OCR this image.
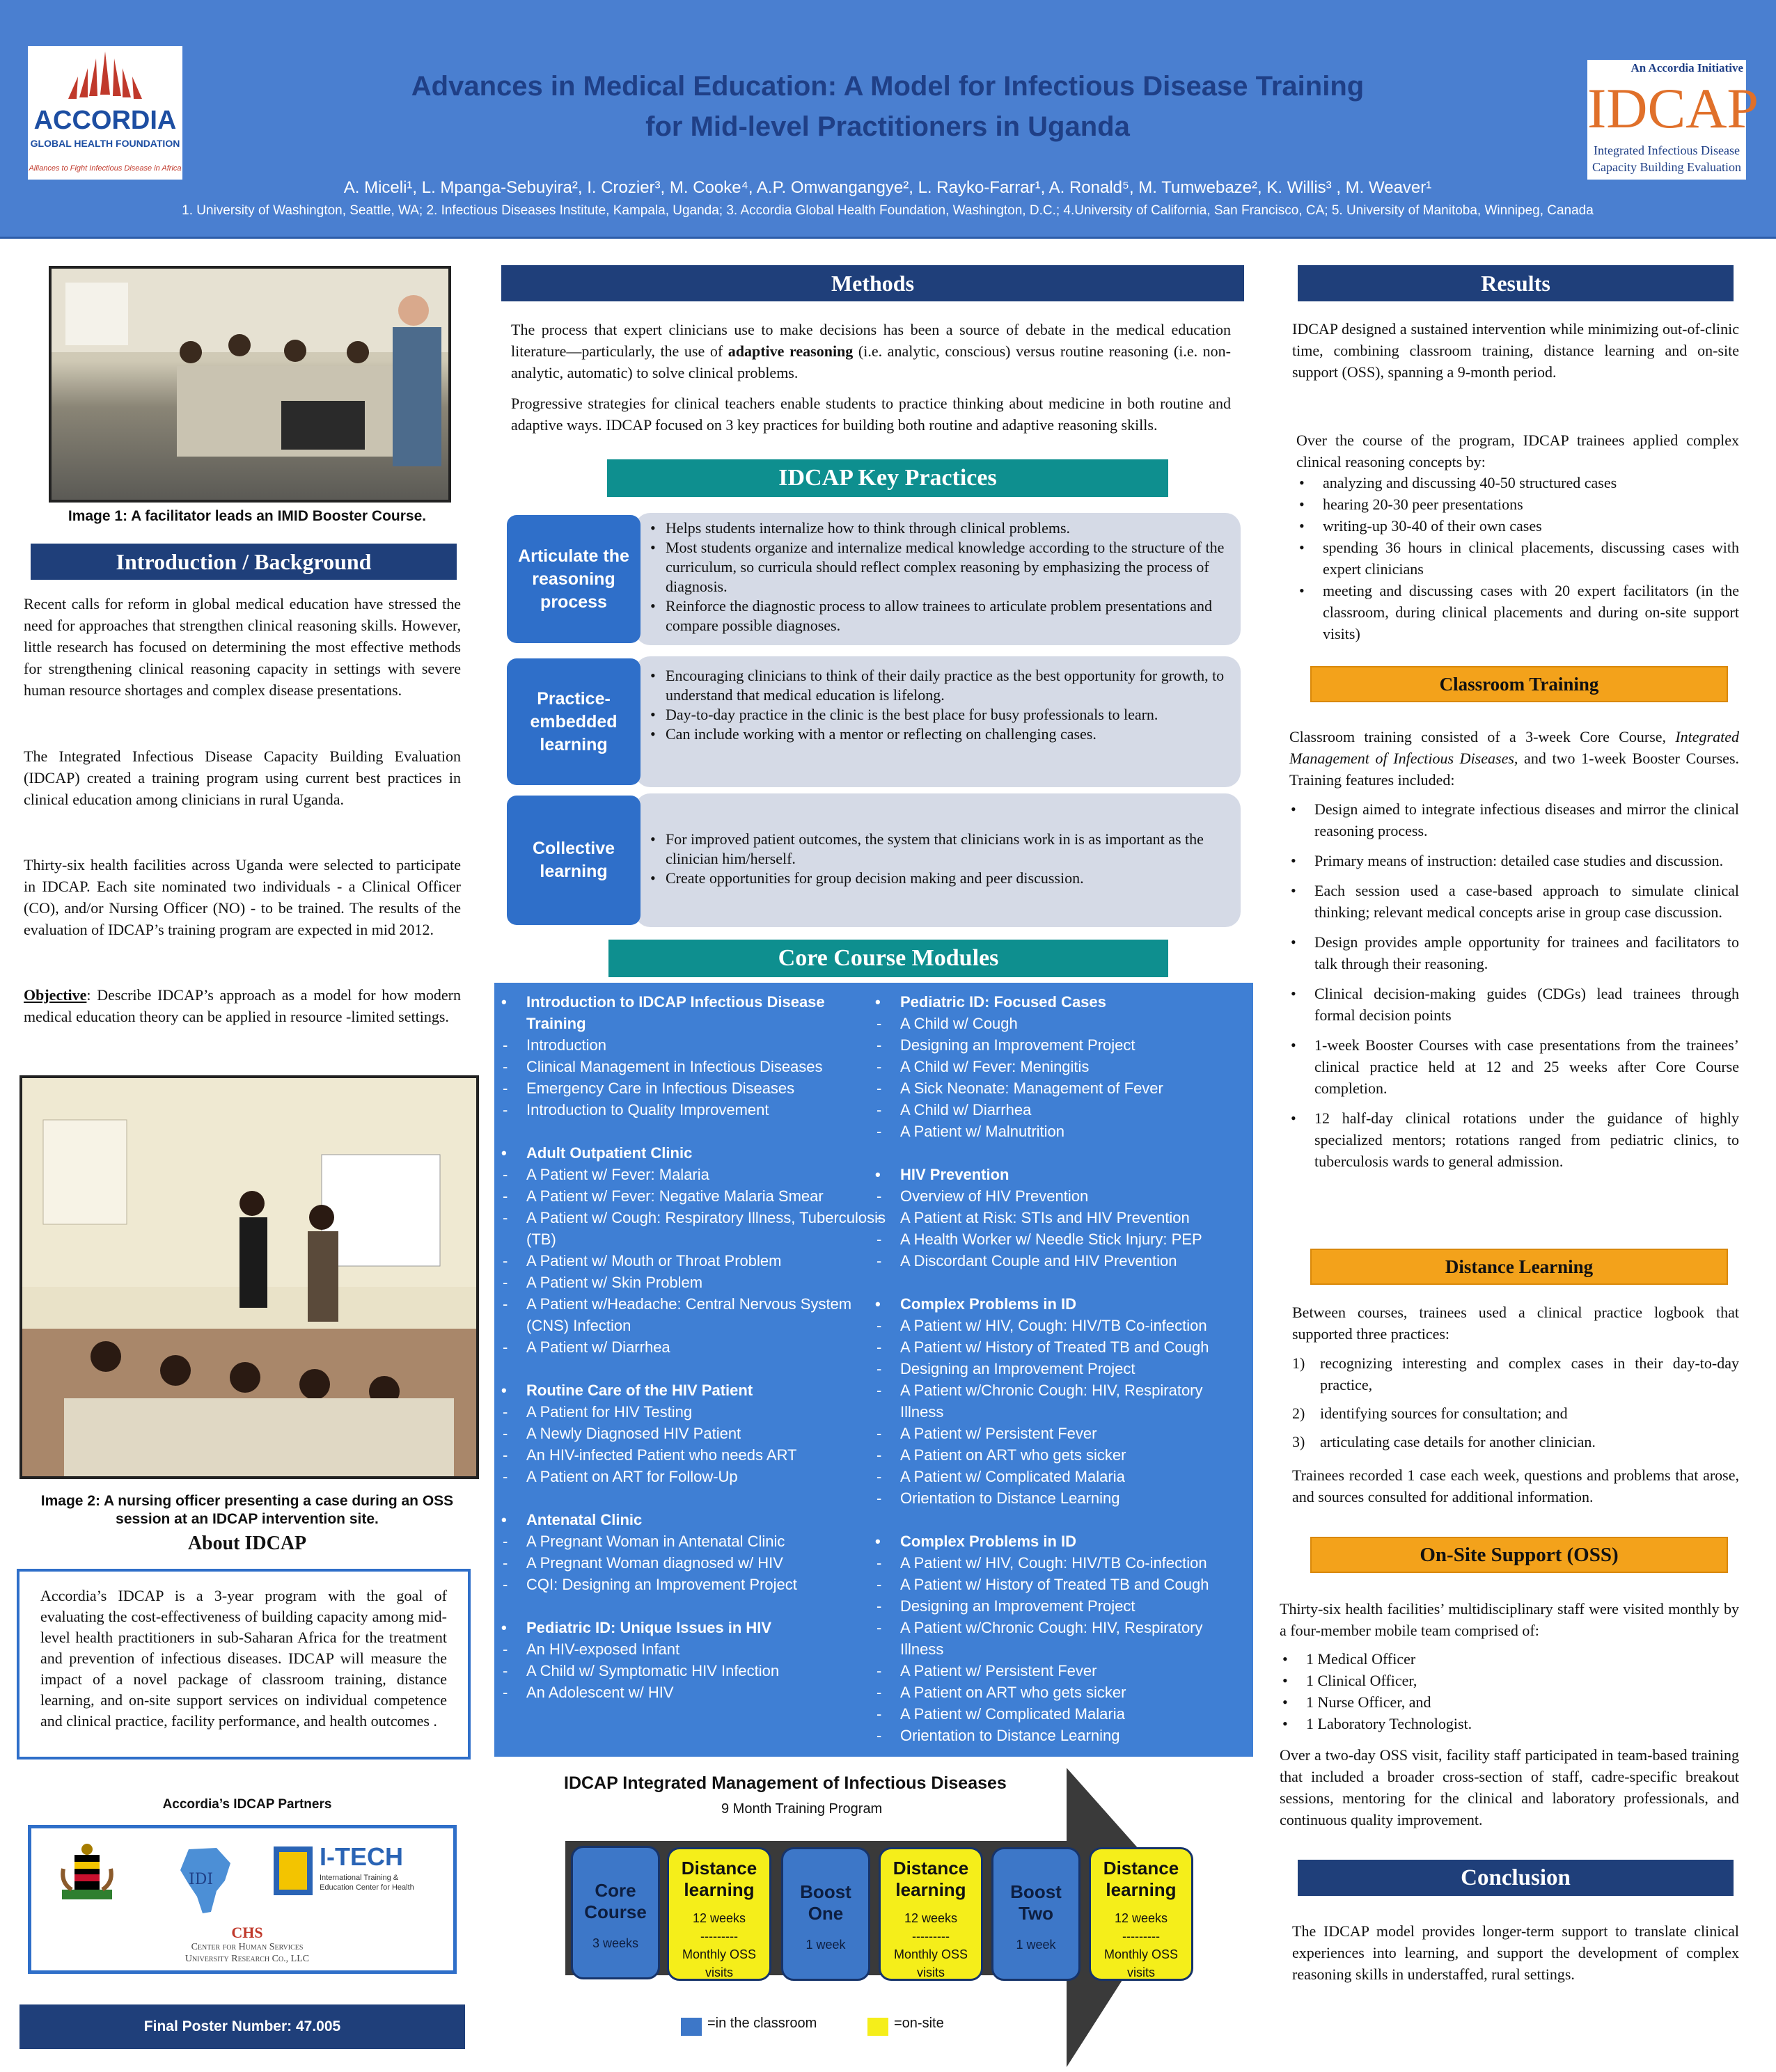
ACCORDIA
GLOBAL HEALTH FOUNDATION
Alliances to Fight Infectious Disease in Africa
Advances in Medical Education: A Model for Infectious Disease Training
for Mid-level Practitioners in Uganda
A. Miceli¹, L. Mpanga-Sebuyira², I. Crozier³, M. Cooke⁴, A.P. Omwangangye², L. Rayko-Farrar¹, A. Ronald⁵, M. Tumwebaze², K. Willis³ , M. Weaver¹
1. University of Washington, Seattle, WA; 2. Infectious Diseases Institute, Kampala, Uganda; 3. Accordia Global Health Foundation, Washington, D.C.; 4.University of California, San Francisco, CA; 5. University of Manitoba, Winnipeg, Canada
An Accordia Initiative
IDCAP
Integrated Infectious Disease
Capacity Building Evaluation
Image 1: A facilitator leads an IMID Booster Course.
Introduction / Background
Recent calls for reform in global medical education have stressed the need for approaches that strengthen clinical reasoning skills. However, little research has focused on determining the most effective methods for strengthening clinical reasoning capacity in settings with severe human resource shortages and complex disease presentations.
The Integrated Infectious Disease Capacity Building Evaluation (IDCAP) created a training program using current best practices in clinical education among clinicians in rural Uganda.
Thirty-six health facilities across Uganda were selected to participate in IDCAP. Each site nominated two individuals - a Clinical Officer (CO), and/or Nursing Officer (NO) - to be trained. The results of the evaluation of IDCAP’s training program are expected in mid 2012.
Objective: Describe IDCAP’s approach as a model for how modern medical education theory can be applied in resource -limited settings.
Image 2: A nursing officer presenting a case during an OSS session at an IDCAP intervention site.
About IDCAP
Accordia’s IDCAP is a 3-year program with the goal of evaluating the cost-effectiveness of building capacity among mid-level health practitioners in sub-Saharan Africa for the treatment and prevention of infectious diseases. IDCAP will measure the impact of a novel package of classroom training, distance learning, and on-site support services on individual competence and clinical practice, facility performance, and health outcomes .
Accordia’s IDCAP Partners
IDI
I-TECH
International Training & Education Center for Health
CHS
Center for Human Services
University Research Co., LLC
Final Poster Number: 47.005
Methods
The process that expert clinicians use to make decisions has been a source of debate in the medical education literature—particularly, the use of adaptive reasoning (i.e. analytic, conscious) versus routine reasoning (i.e. non-analytic, automatic) to solve clinical problems.
Progressive strategies for clinical teachers enable students to practice thinking about medicine in both routine and adaptive ways. IDCAP focused on 3 key practices for building both routine and adaptive reasoning skills.
IDCAP Key Practices
• Helps students internalize how to think through clinical problems.
• Most students organize and internalize medical knowledge according to the structure of the curriculum, so curricula should reflect complex reasoning by emphasizing the process of diagnosis.
• Reinforce the diagnostic process to allow trainees to articulate problem presentations and compare possible diagnoses.
Articulate the reasoning process
• Encouraging clinicians to think of their daily practice as the best opportunity for growth, to understand that medical education is lifelong.
• Day-to-day practice in the clinic is the best place for busy professionals to learn.
• Can include working with a mentor or reflecting on challenging cases.
Practice-embedded learning
• For improved patient outcomes, the system that clinicians work in is as important as the clinician him/herself.
• Create opportunities for group decision making and peer discussion.
Collective learning
Core Course Modules
• Introduction to IDCAP Infectious Disease Training
- Introduction
- Clinical Management in Infectious Diseases
- Emergency Care in Infectious Diseases
- Introduction to Quality Improvement
• Adult Outpatient Clinic
- A Patient w/ Fever: Malaria
- A Patient w/ Fever: Negative Malaria Smear
- A Patient w/ Cough: Respiratory Illness, Tuberculosis (TB)
- A Patient w/ Mouth or Throat Problem
- A Patient w/ Skin Problem
- A Patient w/Headache: Central Nervous System (CNS) Infection
- A Patient w/ Diarrhea
• Routine Care of the HIV Patient
- A Patient for HIV Testing
- A Newly Diagnosed HIV Patient
- An HIV-infected Patient who needs ART
- A Patient on ART for Follow-Up
• Antenatal Clinic
- A Pregnant Woman in Antenatal Clinic
- A Pregnant Woman diagnosed w/ HIV
- CQI: Designing an Improvement Project
• Pediatric ID: Unique Issues in HIV
- An HIV-exposed Infant
- A Child w/ Symptomatic HIV Infection
- An Adolescent w/ HIV
• Pediatric ID: Focused Cases
- A Child w/ Cough
- Designing an Improvement Project
- A Child w/ Fever: Meningitis
- A Sick Neonate: Management of Fever
- A Child w/ Diarrhea
- A Patient w/ Malnutrition
• HIV Prevention
- Overview of HIV Prevention
- A Patient at Risk: STIs and HIV Prevention
- A Health Worker w/ Needle Stick Injury: PEP
- A Discordant Couple and HIV Prevention
• Complex Problems in ID
- A Patient w/ HIV, Cough: HIV/TB Co-infection
- A Patient w/ History of Treated TB and Cough
- Designing an Improvement Project
- A Patient w/Chronic Cough: HIV, Respiratory Illness
- A Patient w/ Persistent Fever
- A Patient on ART who gets sicker
- A Patient w/ Complicated Malaria
- Orientation to Distance Learning
• Complex Problems in ID
- A Patient w/ HIV, Cough: HIV/TB Co-infection
- A Patient w/ History of Treated TB and Cough
- Designing an Improvement Project
- A Patient w/Chronic Cough: HIV, Respiratory Illness
- A Patient w/ Persistent Fever
- A Patient on ART who gets sicker
- A Patient w/ Complicated Malaria
- Orientation to Distance Learning
IDCAP Integrated Management of Infectious Diseases
9 Month Training Program
Core Course
3 weeks
Distance learning
12 weeks
---------
Monthly OSS visits
Boost One
1 week
Distance learning
12 weeks
---------
Monthly OSS visits
Boost Two
1 week
Distance learning
12 weeks
---------
Monthly OSS visits
=in the classroom	=on-site
Results
IDCAP designed a sustained intervention while minimizing out-of-clinic time, combining classroom training, distance learning and on-site support (OSS), spanning a 9-month period.
Over the course of the program, IDCAP trainees applied complex clinical reasoning concepts by:
• analyzing and discussing 40-50 structured cases
• hearing 20-30 peer presentations
• writing-up 30-40 of their own cases
• spending 36 hours in clinical placements, discussing cases with expert clinicians
• meeting and discussing cases with 20 expert facilitators (in the classroom, during clinical placements and during on-site support visits)
Classroom Training
Classroom training consisted of a 3-week Core Course, Integrated Management of Infectious Diseases, and two 1-week Booster Courses. Training features included:
• Design aimed to integrate infectious diseases and mirror the clinical reasoning process.
• Primary means of instruction: detailed case studies and discussion.
• Each session used a case-based approach to simulate clinical thinking; relevant medical concepts arise in group case discussion.
• Design provides ample opportunity for trainees and facilitators to talk through their reasoning.
• Clinical decision-making guides (CDGs) lead trainees through formal decision points
• 1-week Booster Courses with case presentations from the trainees’ clinical practice held at 12 and 25 weeks after Core Course completion.
• 12 half-day clinical rotations under the guidance of highly specialized mentors; rotations ranged from pediatric clinics, to tuberculosis wards to general admission.
Distance Learning
Between courses, trainees used a clinical practice logbook that supported three practices:
1) recognizing interesting and complex cases in their day-to-day practice,
2) identifying sources for consultation; and
3) articulating case details for another clinician.
Trainees recorded 1 case each week, questions and problems that arose, and sources consulted for additional information.
On-Site Support (OSS)
Thirty-six health facilities’ multidisciplinary staff were visited monthly by a four-member mobile team comprised of:
• 1 Medical Officer
• 1 Clinical Officer,
• 1 Nurse Officer, and
• 1 Laboratory Technologist.
Over a two-day OSS visit, facility staff participated in team-based training that included a broader cross-section of staff, cadre-specific breakout sessions, mentoring for the clinical and laboratory professionals, and continuous quality improvement.
Conclusion
The IDCAP model provides longer-term support to translate clinical experiences into learning, and support the development of complex reasoning skills in understaffed, rural settings.
